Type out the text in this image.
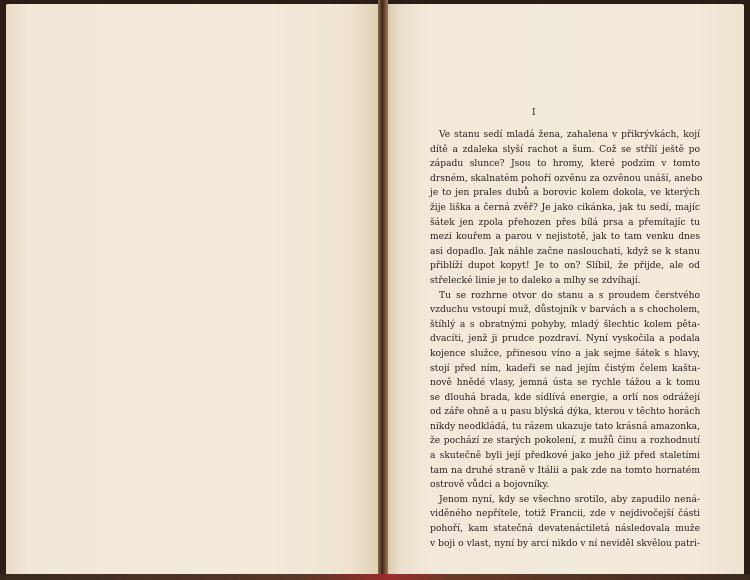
I
Ve stanu sedí mladá žena, zahalena v přikrývkách, kojí
dítě a zdaleka slyší rachot a šum. Což se střílí ještě po
západu slunce? Jsou to hromy, které podzim v tomto
drsném, skalnatém pohoří ozvěnu za ozvěnou unáší, anebo
je to jen prales dubů a borovic kolem dokola, ve kterých
žije liška a černá zvěř? Je jako cikánka, jak tu sedí, majíc
šátek jen zpola přehozen přes bílá prsa a přemítajíc tu
mezi kouřem a parou v nejistotě, jak to tam venku dnes
asi dopadlo. Jak náhle začne naslouchati, když se k stanu
přiblíží dupot kopyt! Je to on? Slíbil, že přijde, ale od
střelecké linie je to daleko a mlhy se zdvíhají.
Tu se rozhrne otvor do stanu a s proudem čerstvého
vzduchu vstoupí muž, důstojník v barvách a s chocholem,
štíhlý a s obratnými pohyby, mladý šlechtic kolem pěta-
dvacíti, jenž ji prudce pozdraví. Nyní vyskočila a podala
kojence služce, přinesou víno a jak sejme šátek s hlavy,
stojí před ním, kadeři se nad jejím čistým čelem kašta-
nově hnědé vlasy, jemná ústa se rychle tážou a k tomu
se dlouhá brada, kde sídlívá energie, a orlí nos odrážejí
od záře ohně a u pasu blýská dýka, kterou v těchto horách
nikdy neodkládá, tu rázem ukazuje tato krásná amazonka,
že pochází ze starých pokolení, z mužů činu a rozhodnutí
a skutečně byli její předkové jako jeho již před staletími
tam na druhé straně v Itálii a pak zde na tomto hornatém
ostrově vůdci a bojovníky.
Jenom nyní, kdy se všechno srotilo, aby zapudilo nená-
viděného nepřítele, totiž Francii, zde v nejdivočejší části
pohoří, kam statečná devatenáctiletá následovala muže
v boji o vlast, nyní by arci nikdo v ní neviděl skvělou patri-
